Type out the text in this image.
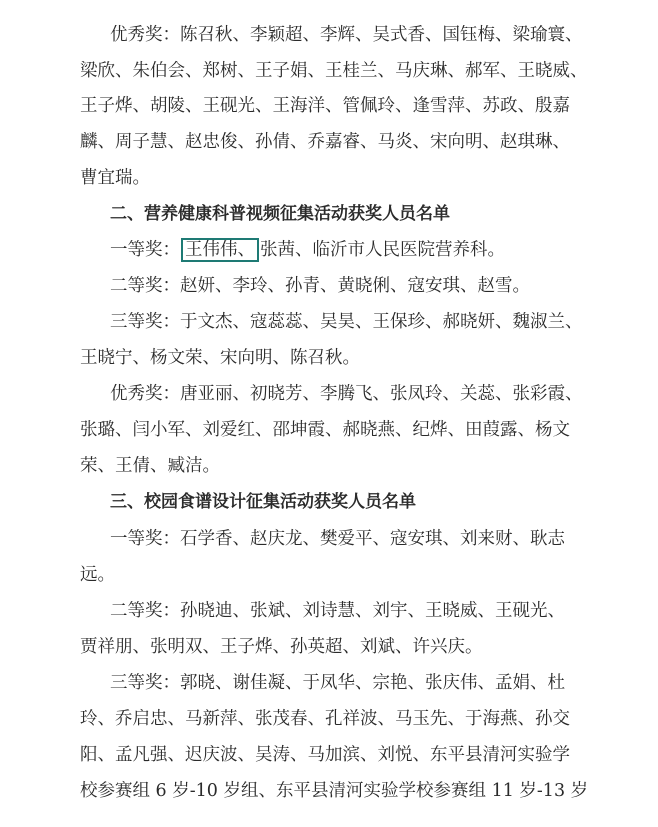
优秀奖：陈召秋、李颖超、李辉、吴式香、国钰梅、梁瑜寰、
梁欣、朱伯会、郑树、王子娟、王桂兰、马庆琳、郝军、王晓威、
王子烨、胡陵、王砚光、王海洋、管佩玲、逢雪萍、苏政、殷嘉
麟、周子慧、赵忠俊、孙倩、乔嘉睿、马炎、宋向明、赵琪琳、
曹宜瑞。
二、营养健康科普视频征集活动获奖人员名单
一等奖： 王伟伟、 张茜、临沂市人民医院营养科。
二等奖：赵妍、李玲、孙青、黄晓俐、寇安琪、赵雪。
三等奖：于文杰、寇蕊蕊、吴昊、王保珍、郝晓妍、魏淑兰、
王晓宁、杨文荣、宋向明、陈召秋。
优秀奖：唐亚丽、初晓芳、李腾飞、张凤玲、关蕊、张彩霞、
张璐、闫小军、刘爱红、邵坤霞、郝晓燕、纪烨、田葭露、杨文
荣、王倩、臧洁。
三、校园食谱设计征集活动获奖人员名单
一等奖：石学香、赵庆龙、樊爱平、寇安琪、刘来财、耿志
远。
二等奖：孙晓迪、张斌、刘诗慧、刘宇、王晓威、王砚光、
贾祥朋、张明双、王子烨、孙英超、刘斌、许兴庆。
三等奖：郭晓、谢佳凝、于凤华、宗艳、张庆伟、孟娟、杜
玲、乔启忠、马新萍、张茂春、孔祥波、马玉先、于海燕、孙交
阳、孟凡强、迟庆波、吴涛、马加滨、刘悦、东平县清河实验学
校参赛组 6 岁-10 岁组、东平县清河实验学校参赛组 11 岁-13 岁
